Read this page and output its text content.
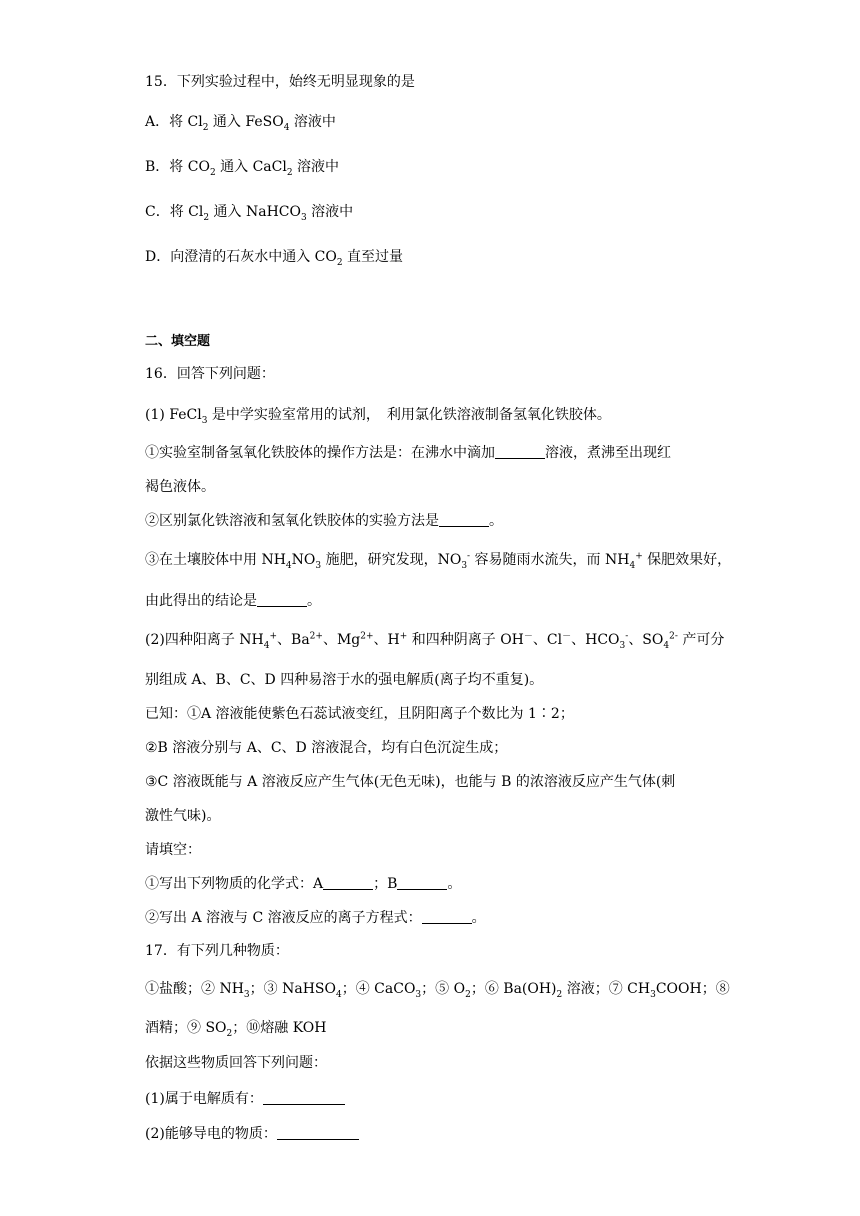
15．下列实验过程中，始终无明显现象的是
A．将 $Cl_2$ 通入 FeSO$_4$ 溶液中
B．将 $CO_2$ 通入 CaCl$_2$ 溶液中
C．将 $Cl_2$ 通入 NaHCO$_3$ 溶液中
D．向澄清的石灰水中通入 $CO_2$ 直至过量
二、填空题
16．回答下列问题：
(1) FeCl$_3$ 是中学实验室常用的试剂，　利用氯化铁溶液制备氢氧化铁胶体。
①实验室制备氢氧化铁胶体的操作方法是：在沸水中滴加	溶液，煮沸至出现红
褐色液体。
②区别氯化铁溶液和氢氧化铁胶体的实验方法是	。
③在土壤胶体中用 $NH_4NO_3$ 施肥，研究发现，$NO_3^-$ 容易随雨水流失，而 $NH_4^+$ 保肥效果好，
由此得出的结论是	。
(2)四种阳离子 $NH_4^+$、$Ba^{2+}$、$Mg^{2+}$、H+ 和四种阴离子 OH－、Cl－、$HCO_3^-$、$SO_4^{2-}$ 产可分
别组成 A、B、C、D 四种易溶于水的强电解质(离子均不重复)。
已知：①A 溶液能使紫色石蕊试液变红，且阴阳离子个数比为 1∶2；
②B 溶液分别与 A、C、D 溶液混合，均有白色沉淀生成；
③C 溶液既能与 A 溶液反应产生气体(无色无味)，也能与 B 的浓溶液反应产生气体(刺
激性气味)。
请填空：
①写出下列物质的化学式：A	；B	。
②写出 A 溶液与 C 溶液反应的离子方程式：	。
17．有下列几种物质：
①盐酸；② $NH_3$；③ NaHSO$_4$；④ CaCO$_3$；⑤ $O_2$；⑥ $Ba(OH)_2$ 溶液；⑦ $CH_3COOH$；⑧
酒精；⑨ $SO_2$；⑩熔融 KOH
依据这些物质回答下列问题：
(1)属于电解质有：
(2)能够导电的物质：
